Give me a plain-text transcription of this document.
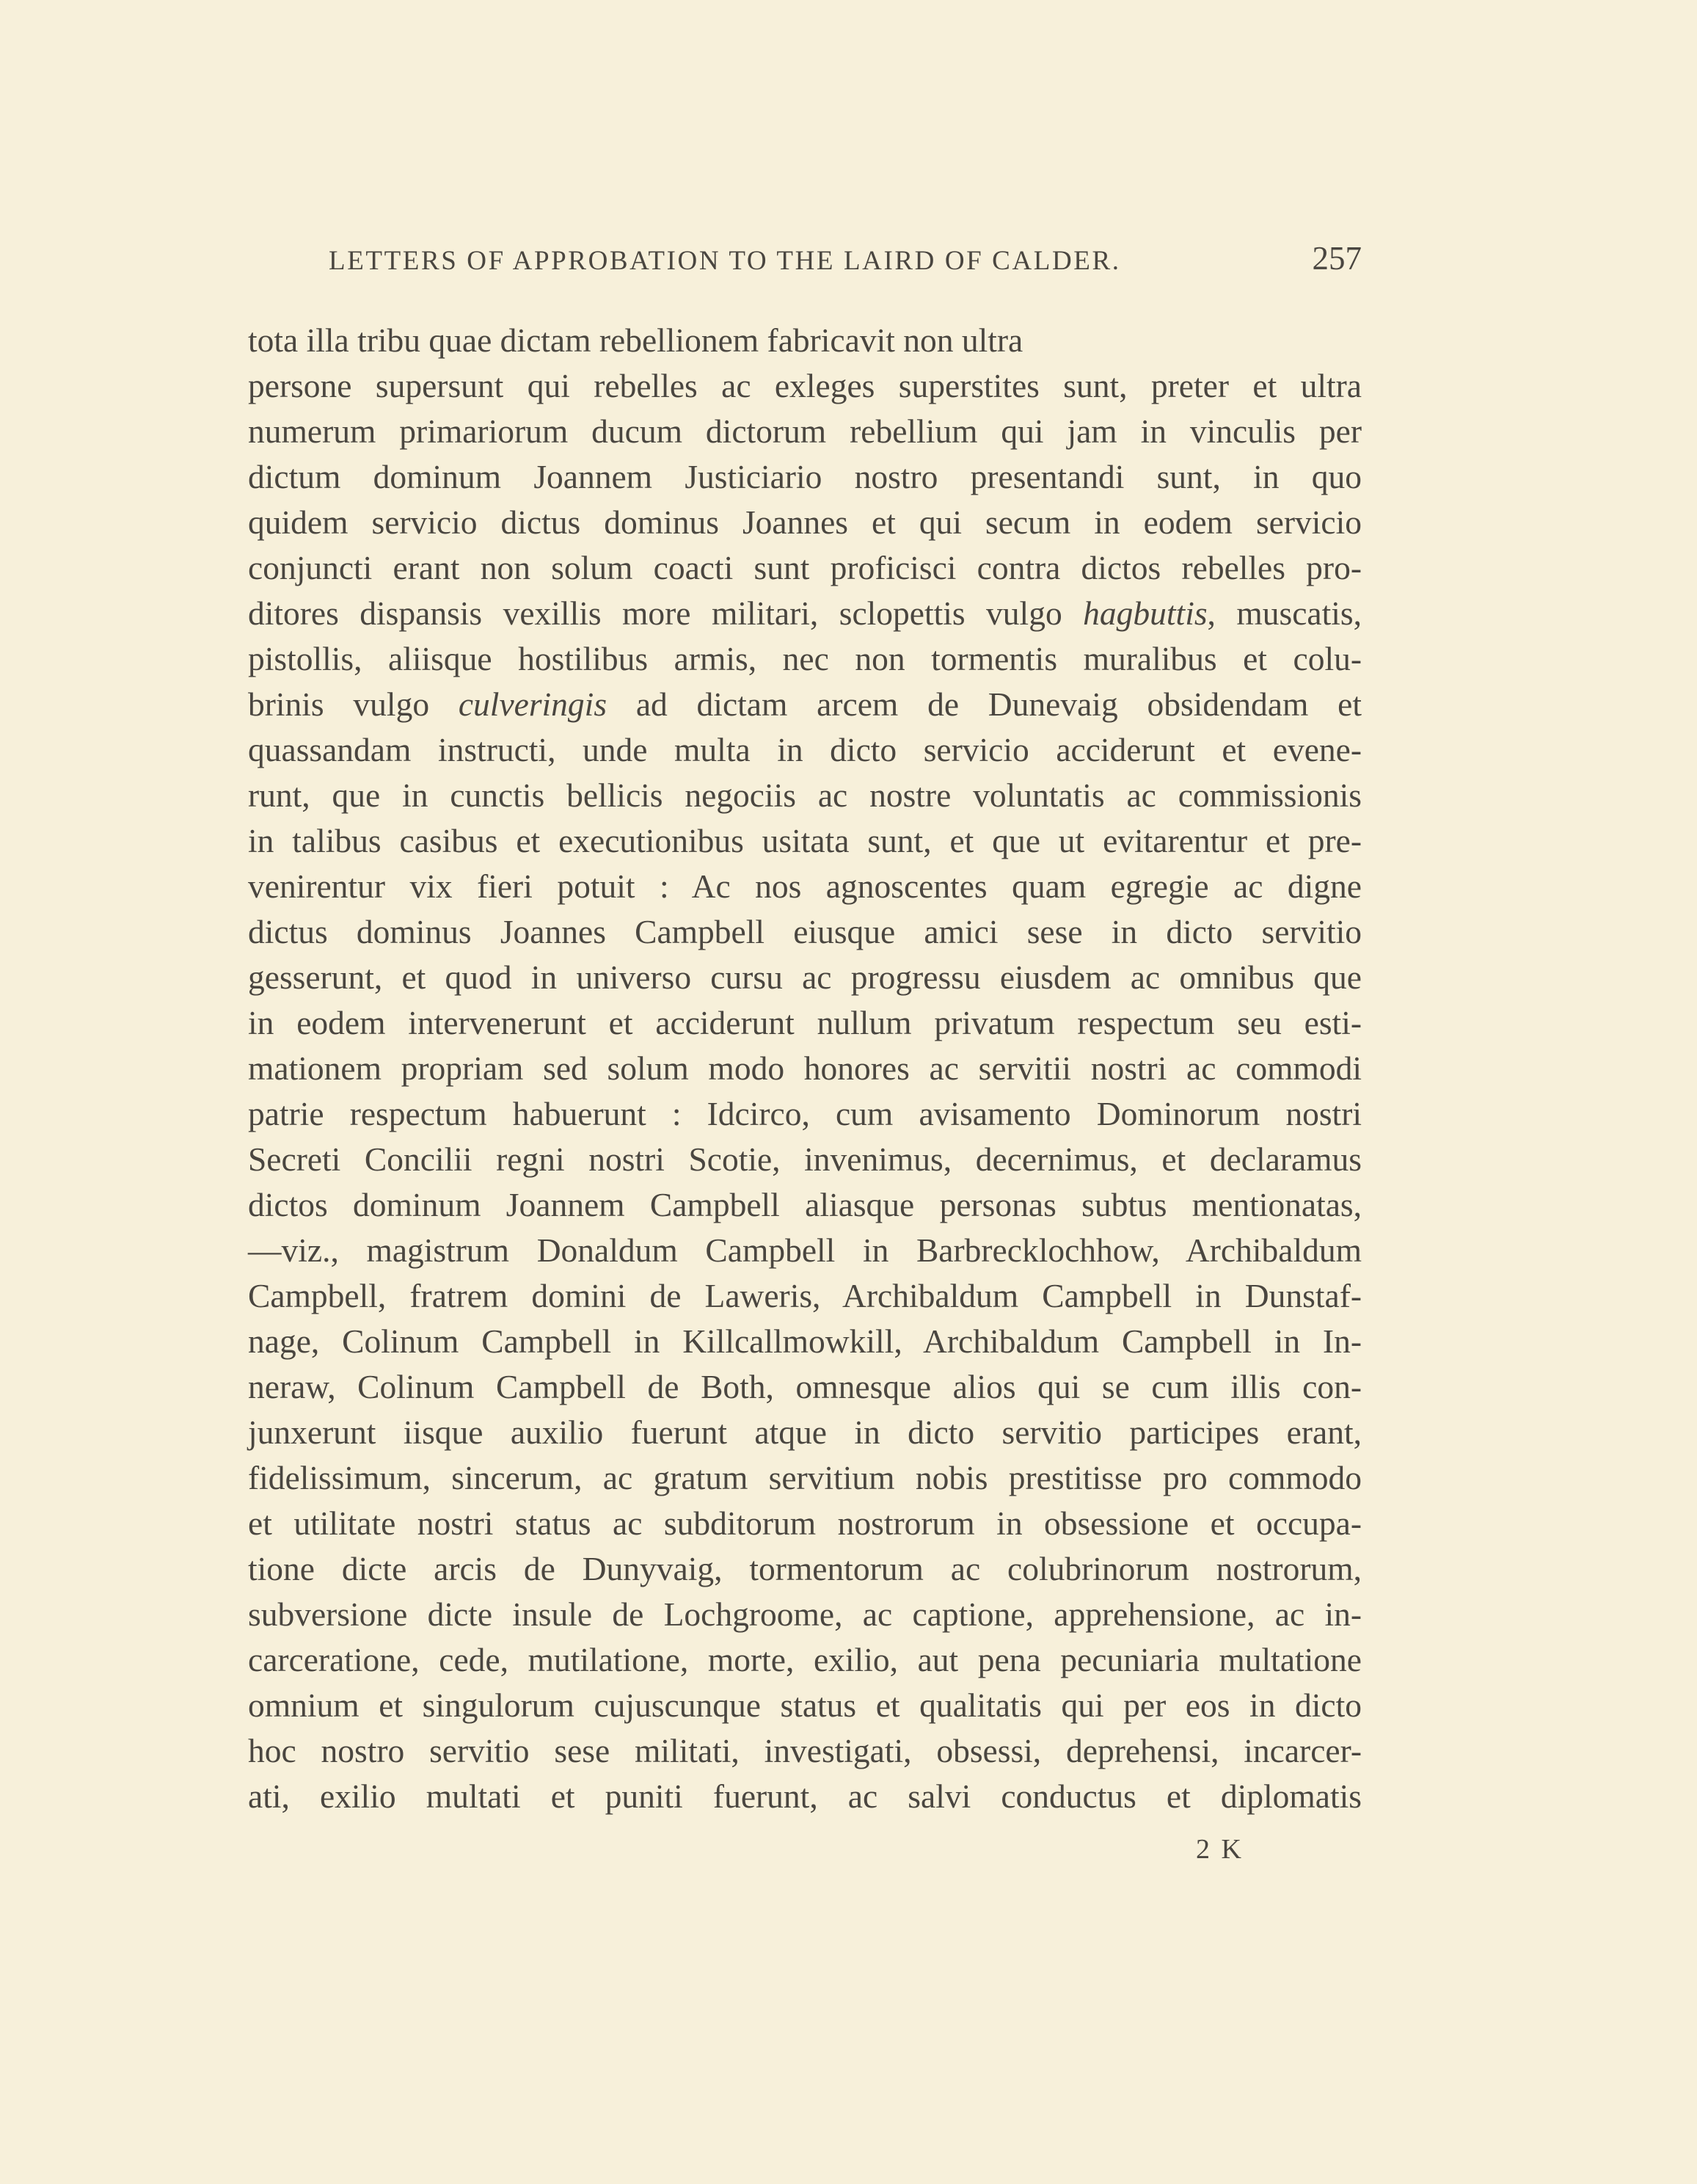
LETTERS OF APPROBATION TO THE LAIRD OF CALDER.	257
tota illa tribu quae dictam rebellionem fabricavit non ultra
persone supersunt qui rebelles ac exleges superstites sunt, preter et ultra
numerum primariorum ducum dictorum rebellium qui jam in vinculis per
dictum dominum Joannem Justiciario nostro presentandi sunt, in quo
quidem servicio dictus dominus Joannes et qui secum in eodem servicio
conjuncti erant non solum coacti sunt proficisci contra dictos rebelles pro-
ditores dispansis vexillis more militari, sclopettis vulgo hagbuttis, muscatis,
pistollis, aliisque hostilibus armis, nec non tormentis muralibus et colu-
brinis vulgo culveringis ad dictam arcem de Dunevaig obsidendam et
quassandam instructi, unde multa in dicto servicio acciderunt et evene-
runt, que in cunctis bellicis negociis ac nostre voluntatis ac commissionis
in talibus casibus et executionibus usitata sunt, et que ut evitarentur et pre-
venirentur vix fieri potuit : Ac nos agnoscentes quam egregie ac digne
dictus dominus Joannes Campbell eiusque amici sese in dicto servitio
gesserunt, et quod in universo cursu ac progressu eiusdem ac omnibus que
in eodem intervenerunt et acciderunt nullum privatum respectum seu esti-
mationem propriam sed solum modo honores ac servitii nostri ac commodi
patrie respectum habuerunt : Idcirco, cum avisamento Dominorum nostri
Secreti Concilii regni nostri Scotie, invenimus, decernimus, et declaramus
dictos dominum Joannem Campbell aliasque personas subtus mentionatas,
—viz., magistrum Donaldum Campbell in Barbrecklochhow, Archibaldum
Campbell, fratrem domini de Laweris, Archibaldum Campbell in Dunstaf-
nage, Colinum Campbell in Killcallmowkill, Archibaldum Campbell in In-
neraw, Colinum Campbell de Both, omnesque alios qui se cum illis con-
junxerunt iisque auxilio fuerunt atque in dicto servitio participes erant,
fidelissimum, sincerum, ac gratum servitium nobis prestitisse pro commodo
et utilitate nostri status ac subditorum nostrorum in obsessione et occupa-
tione dicte arcis de Dunyvaig, tormentorum ac colubrinorum nostrorum,
subversione dicte insule de Lochgroome, ac captione, apprehensione, ac in-
carceratione, cede, mutilatione, morte, exilio, aut pena pecuniaria multatione
omnium et singulorum cujuscunque status et qualitatis qui per eos in dicto
hoc nostro servitio sese militati, investigati, obsessi, deprehensi, incarcer-
ati, exilio multati et puniti fuerunt, ac salvi conductus et diplomatis
2 K
